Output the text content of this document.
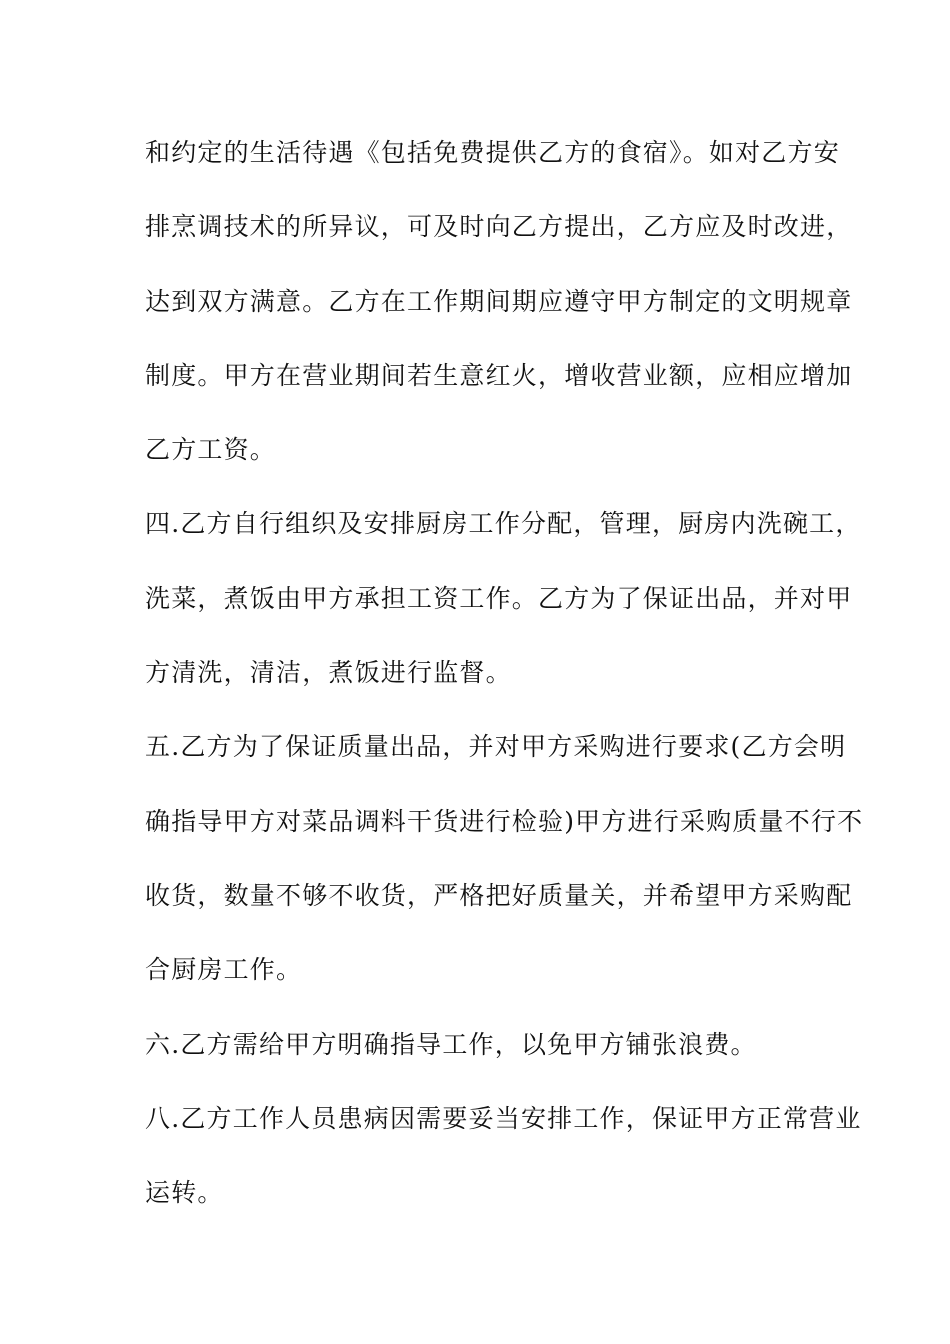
和约定的生活待遇《包括免费提供乙方的食宿》。如对乙方安
排烹调技术的所异议，可及时向乙方提出，乙方应及时改进，
达到双方满意。乙方在工作期间期应遵守甲方制定的文明规章
制度。甲方在营业期间若生意红火，增收营业额，应相应增加
乙方工资。
四.乙方自行组织及安排厨房工作分配，管理，厨房内洗碗工，
洗菜，煮饭由甲方承担工资工作。乙方为了保证出品，并对甲
方清洗，清洁，煮饭进行监督。
五.乙方为了保证质量出品，并对甲方采购进行要求(乙方会明
确指导甲方对菜品调料干货进行检验)甲方进行采购质量不行不
收货，数量不够不收货，严格把好质量关，并希望甲方采购配
合厨房工作。
六.乙方需给甲方明确指导工作，以免甲方铺张浪费。
八.乙方工作人员患病因需要妥当安排工作，保证甲方正常营业
运转。
